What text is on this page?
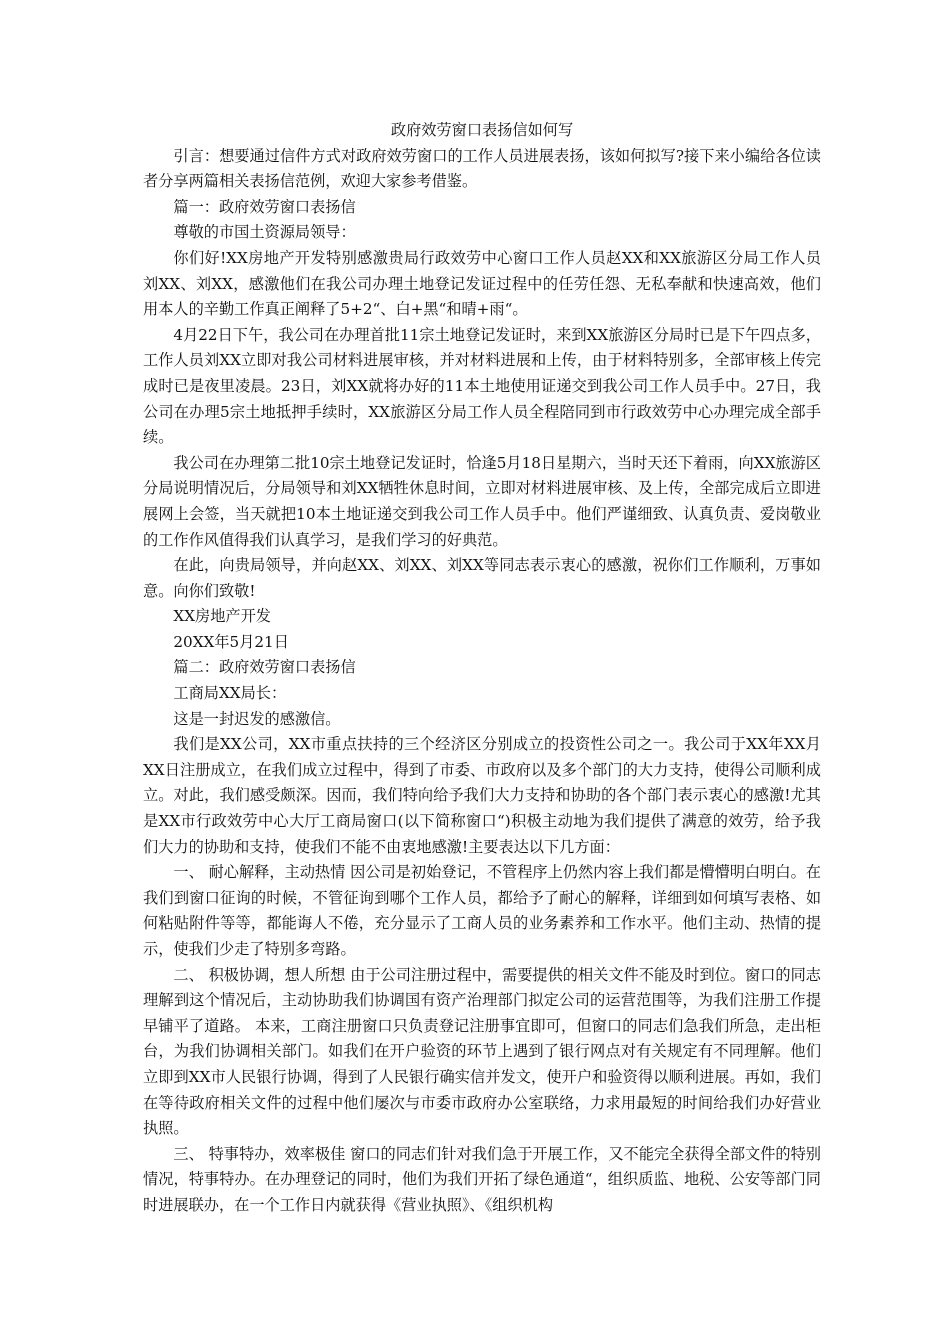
政府效劳窗口表扬信如何写

引言：想要通过信件方式对政府效劳窗口的工作人员进展表扬，该如何拟写?接下来小编给各位读者分享两篇相关表扬信范例，欢迎大家参考借鉴。

篇一：政府效劳窗口表扬信

尊敬的市国土资源局领导：

你们好!XX房地产开发特别感激贵局行政效劳中心窗口工作人员赵XX和XX旅游区分局工作人员刘XX、刘XX，感激他们在我公司办理土地登记发证过程中的任劳任怨、无私奉献和快速高效，他们用本人的辛勤工作真正阐释了5+2“、白+黑“和晴+雨“。

4月22日下午，我公司在办理首批11宗土地登记发证时，来到XX旅游区分局时已是下午四点多，工作人员刘XX立即对我公司材料进展审核，并对材料进展和上传，由于材料特别多，全部审核上传完成时已是夜里凌晨。23日，刘XX就将办好的11本土地使用证递交到我公司工作人员手中。27日，我公司在办理5宗土地抵押手续时，XX旅游区分局工作人员全程陪同到市行政效劳中心办理完成全部手续。

我公司在办理第二批10宗土地登记发证时，恰逢5月18日星期六，当时天还下着雨，向XX旅游区分局说明情况后，分局领导和刘XX牺牲休息时间，立即对材料进展审核、及上传，全部完成后立即进展网上会签，当天就把10本土地证递交到我公司工作人员手中。他们严谨细致、认真负责、爱岗敬业的工作作风值得我们认真学习，是我们学习的好典范。

在此，向贵局领导，并向赵XX、刘XX、刘XX等同志表示衷心的感激，祝你们工作顺利，万事如意。向你们致敬!

XX房地产开发

20XX年5月21日

篇二：政府效劳窗口表扬信

工商局XX局长：

这是一封迟发的感激信。

我们是XX公司，XX市重点扶持的三个经济区分别成立的投资性公司之一。我公司于XX年XX月XX日注册成立，在我们成立过程中，得到了市委、市政府以及多个部门的大力支持，使得公司顺利成立。对此，我们感受颇深。因而，我们特向给予我们大力支持和协助的各个部门表示衷心的感激!尤其是XX市行政效劳中心大厅工商局窗口(以下简称窗口“)积极主动地为我们提供了满意的效劳，给予我们大力的协助和支持，使我们不能不由衷地感激!主要表达以下几方面：

一、 耐心解释，主动热情 因公司是初始登记，不管程序上仍然内容上我们都是懵懵明白明白。在我们到窗口征询的时候，不管征询到哪个工作人员，都给予了耐心的解释，详细到如何填写表格、如何粘贴附件等等，都能诲人不倦，充分显示了工商人员的业务素养和工作水平。他们主动、热情的提示，使我们少走了特别多弯路。

二、 积极协调，想人所想 由于公司注册过程中，需要提供的相关文件不能及时到位。窗口的同志理解到这个情况后，主动协助我们协调国有资产治理部门拟定公司的运营范围等，为我们注册工作提早铺平了道路。 本来，工商注册窗口只负责登记注册事宜即可，但窗口的同志们急我们所急，走出柜台，为我们协调相关部门。如我们在开户验资的环节上遇到了银行网点对有关规定有不同理解。他们立即到XX市人民银行协调，得到了人民银行确实信并发文，使开户和验资得以顺利进展。再如，我们在等待政府相关文件的过程中他们屡次与市委市政府办公室联络，力求用最短的时间给我们办好营业执照。

三、 特事特办，效率极佳 窗口的同志们针对我们急于开展工作，又不能完全获得全部文件的特别情况，特事特办。在办理登记的同时，他们为我们开拓了绿色通道“，组织质监、地税、公安等部门同时进展联办，在一个工作日内就获得《营业执照》、《组织机构
